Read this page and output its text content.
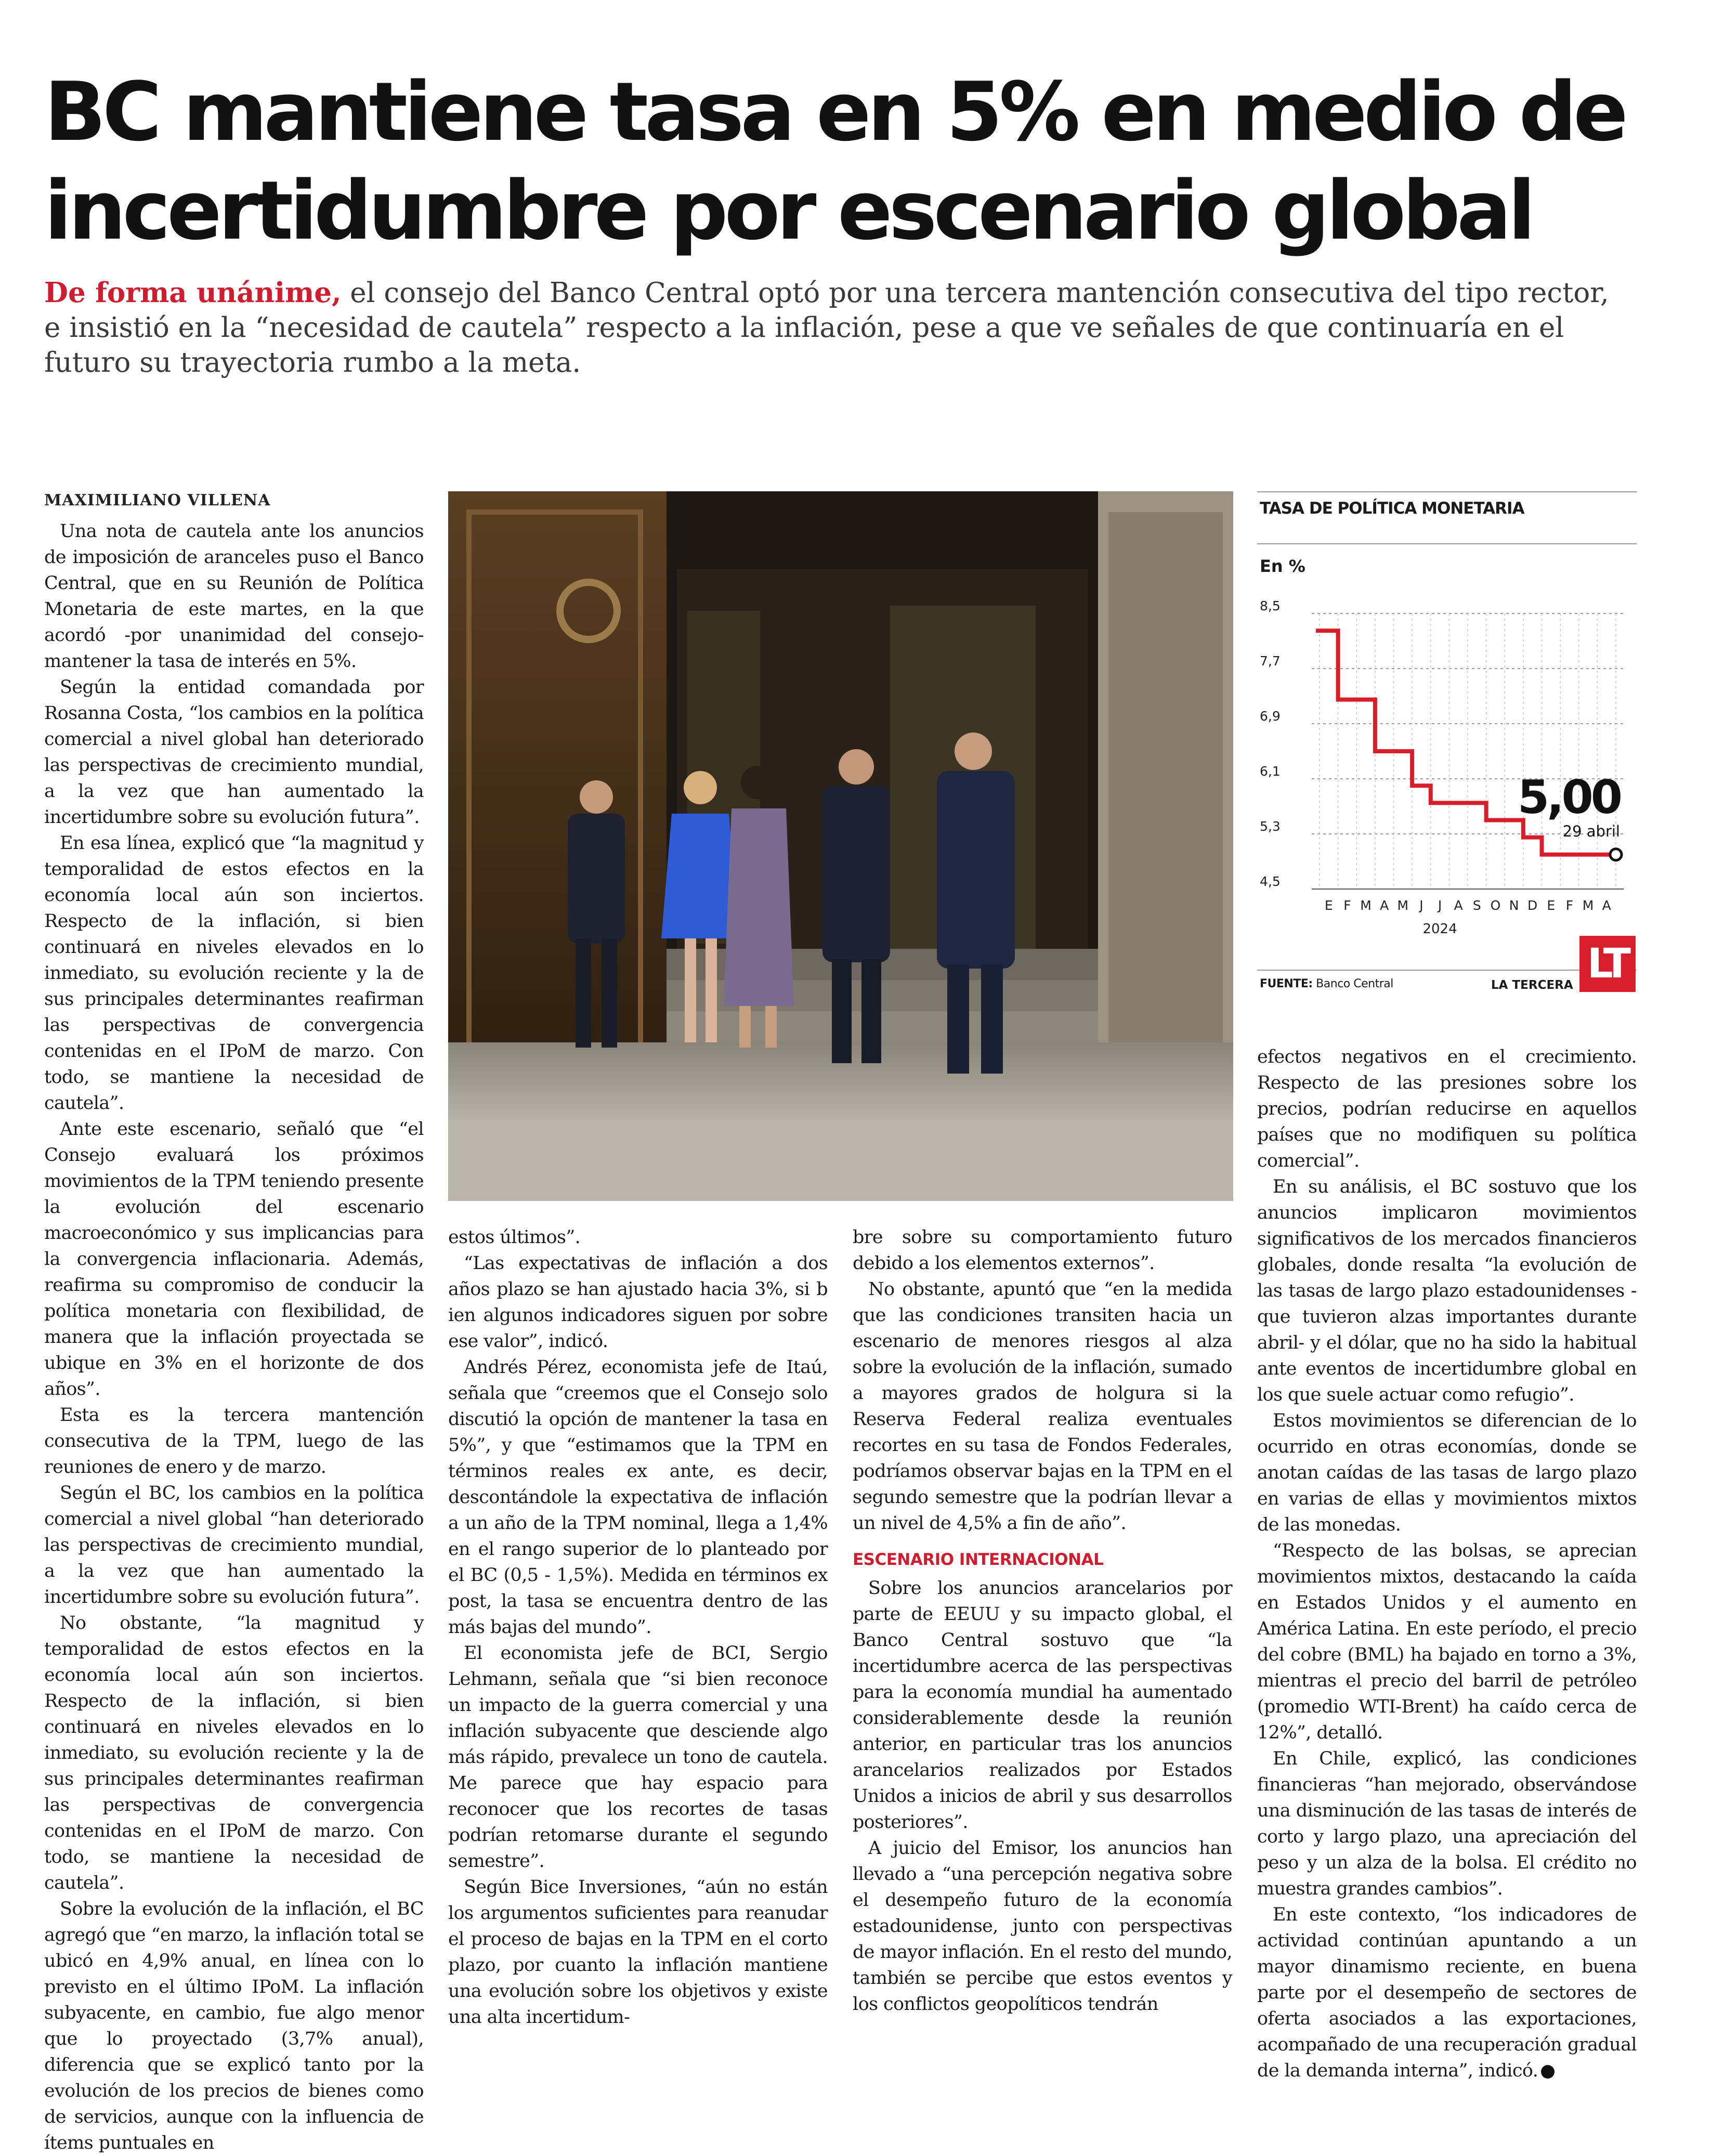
BC mantiene tasa en 5% en medio de incertidumbre por escenario global

De forma unánime, el consejo del Banco Central optó por una tercera mantención consecutiva del tipo rector, e insistió en la “necesidad de cautela” respecto a la inflación, pese a que ve señales de que continuaría en el futuro su trayectoria rumbo a la meta.

MAXIMILIANO VILLENA

Una nota de cautela ante los anuncios de imposición de aranceles puso el Banco Central, que en su Reunión de Política Monetaria de este martes, en la que acordó -por unanimidad del consejo- mantener la tasa de interés en 5%.

Según la entidad comandada por Rosanna Costa, “los cambios en la política comercial a nivel global han deteriorado las perspectivas de crecimiento mundial, a la vez que han aumentado la incertidumbre sobre su evolución futura”.

En esa línea, explicó que “la magnitud y temporalidad de estos efectos en la economía local aún son inciertos. Respecto de la inflación, si bien continuará en niveles elevados en lo inmediato, su evolución reciente y la de sus principales determinantes reafirman las perspectivas de convergencia contenidas en el IPoM de marzo. Con todo, se mantiene la necesidad de cautela”.

Ante este escenario, señaló que “el Consejo evaluará los próximos movimientos de la TPM teniendo presente la evolución del escenario macroeconómico y sus implicancias para la convergencia inflacionaria. Además, reafirma su compromiso de conducir la política monetaria con flexibilidad, de manera que la inflación proyectada se ubique en 3% en el horizonte de dos años”.

Esta es la tercera mantención consecutiva de la TPM, luego de las reuniones de enero y de marzo.

Según el BC, los cambios en la política comercial a nivel global “han deteriorado las perspectivas de crecimiento mundial, a la vez que han aumentado la incertidumbre sobre su evolución futura”.

No obstante, “la magnitud y temporalidad de estos efectos en la economía local aún son inciertos. Respecto de la inflación, si bien continuará en niveles elevados en lo inmediato, su evolución reciente y la de sus principales determinantes reafirman las perspectivas de convergencia contenidas en el IPoM de marzo. Con todo, se mantiene la necesidad de cautela”.

Sobre la evolución de la inflación, el BC agregó que “en marzo, la inflación total se ubicó en 4,9% anual, en línea con lo previsto en el último IPoM. La inflación subyacente, en cambio, fue algo menor que lo proyectado (3,7% anual), diferencia que se explicó tanto por la evolución de los precios de bienes como de servicios, aunque con la influencia de ítems puntuales en

estos últimos”.

“Las expectativas de inflación a dos años plazo se han ajustado hacia 3%, si b ien algunos indicadores siguen por sobre ese valor”, indicó.

Andrés Pérez, economista jefe de Itaú, señala que “creemos que el Consejo solo discutió la opción de mantener la tasa en 5%”, y que “estimamos que la TPM en términos reales ex ante, es decir, descontándole la expectativa de inflación a un año de la TPM nominal, llega a 1,4% en el rango superior de lo planteado por el BC (0,5 - 1,5%). Medida en términos ex post, la tasa se encuentra dentro de las más bajas del mundo”.

El economista jefe de BCI, Sergio Lehmann, señala que “si bien reconoce un impacto de la guerra comercial y una inflación subyacente que desciende algo más rápido, prevalece un tono de cautela. Me parece que hay espacio para reconocer que los recortes de tasas podrían retomarse durante el segundo semestre”.

Según Bice Inversiones, “aún no están los argumentos suficientes para reanudar el proceso de bajas en la TPM en el corto plazo, por cuanto la inflación mantiene una evolución sobre los objetivos y existe una alta incertidum-

bre sobre su comportamiento futuro debido a los elementos externos”.

No obstante, apuntó que “en la medida que las condiciones transiten hacia un escenario de menores riesgos al alza sobre la evolución de la inflación, sumado a mayores grados de holgura si la Reserva Federal realiza eventuales recortes en su tasa de Fondos Federales, podríamos observar bajas en la TPM en el segundo semestre que la podrían llevar a un nivel de 4,5% a fin de año”.

ESCENARIO INTERNACIONAL

Sobre los anuncios arancelarios por parte de EEUU y su impacto global, el Banco Central sostuvo que “la incertidumbre acerca de las perspectivas para la economía mundial ha aumentado considerablemente desde la reunión anterior, en particular tras los anuncios arancelarios realizados por Estados Unidos a inicios de abril y sus desarrollos posteriores”.

A juicio del Emisor, los anuncios han llevado a “una percepción negativa sobre el desempeño futuro de la economía estadounidense, junto con perspectivas de mayor inflación. En el resto del mundo, también se percibe que estos eventos y los conflictos geopolíticos tendrán

efectos negativos en el crecimiento. Respecto de las presiones sobre los precios, podrían reducirse en aquellos países que no modifiquen su política comercial”.

En su análisis, el BC sostuvo que los anuncios implicaron movimientos significativos de los mercados financieros globales, donde resalta “la evolución de las tasas de largo plazo estadounidenses -que tuvieron alzas importantes durante abril- y el dólar, que no ha sido la habitual ante eventos de incertidumbre global en los que suele actuar como refugio”.

Estos movimientos se diferencian de lo ocurrido en otras economías, donde se anotan caídas de las tasas de largo plazo en varias de ellas y movimientos mixtos de las monedas.

“Respecto de las bolsas, se aprecian movimientos mixtos, destacando la caída en Estados Unidos y el aumento en América Latina. En este período, el precio del cobre (BML) ha bajado en torno a 3%, mientras el precio del barril de petróleo (promedio WTI-Brent) ha caído cerca de 12%”, detalló.

En Chile, explicó, las condiciones financieras “han mejorado, observándose una disminución de las tasas de interés de corto y largo plazo, una apreciación del peso y un alza de la bolsa. El crédito no muestra grandes cambios”.

En este contexto, “los indicadores de actividad continúan apuntando a un mayor dinamismo reciente, en buena parte por el desempeño de sectores de oferta asociados a las exportaciones, acompañado de una recuperación gradual de la demanda interna”, indicó.

TASA DE POLÍTICA MONETARIA

En %
8,5
7,7
6,9
6,1
5,3
4,5
E F M A M J J A S O N D E F M A
2024
5,00
29 abril
FUENTE: Banco Central	LA TERCERA LT
